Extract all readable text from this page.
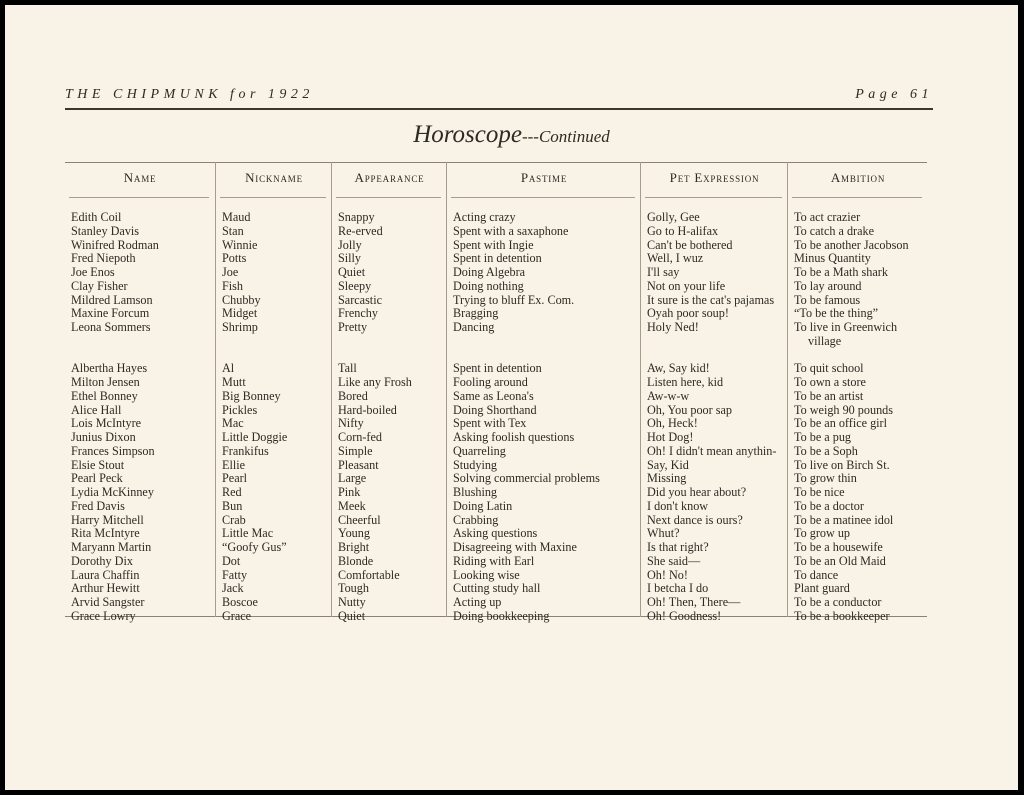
THE CHIPMUNK for 1922	Page 61
Horoscope---Continued
Name
Edith Coil
Stanley Davis
Winifred Rodman
Fred Niepoth
Joe Enos
Clay Fisher
Mildred Lamson
Maxine Forcum
Leona Sommers
Albertha Hayes
Milton Jensen
Ethel Bonney
Alice Hall
Lois McIntyre
Junius Dixon
Frances Simpson
Elsie Stout
Pearl Peck
Lydia McKinney
Fred Davis
Harry Mitchell
Rita McIntyre
Maryann Martin
Dorothy Dix
Laura Chaffin
Arthur Hewitt
Arvid Sangster
Grace Lowry
Nickname
Maud
Stan
Winnie
Potts
Joe
Fish
Chubby
Midget
Shrimp
Al
Mutt
Big Bonney
Pickles
Mac
Little Doggie
Frankifus
Ellie
Pearl
Red
Bun
Crab
Little Mac
“Goofy Gus”
Dot
Fatty
Jack
Boscoe
Grace
Appearance
Snappy
Re-erved
Jolly
Silly
Quiet
Sleepy
Sarcastic
Frenchy
Pretty
Tall
Like any Frosh
Bored
Hard-boiled
Nifty
Corn-fed
Simple
Pleasant
Large
Pink
Meek
Cheerful
Young
Bright
Blonde
Comfortable
Tough
Nutty
Quiet
Pastime
Acting crazy
Spent with a saxaphone
Spent with Ingie
Spent in detention
Doing Algebra
Doing nothing
Trying to bluff Ex. Com.
Bragging
Dancing
Spent in detention
Fooling around
Same as Leona's
Doing Shorthand
Spent with Tex
Asking foolish questions
Quarreling
Studying
Solving commercial problems
Blushing
Doing Latin
Crabbing
Asking questions
Disagreeing with Maxine
Riding with Earl
Looking wise
Cutting study hall
Acting up
Doing bookkeeping
Pet Expression
Golly, Gee
Go to H-alifax
Can't be bothered
Well, I wuz
I'll say
Not on your life
It sure is the cat's pajamas
Oyah poor soup!
Holy Ned!
Aw, Say kid!
Listen here, kid
Aw-w-w
Oh, You poor sap
Oh, Heck!
Hot Dog!
Oh! I didn't mean anythin-
Say, Kid
Missing
Did you hear about?
I don't know
Next dance is ours?
Whut?
Is that right?
She said—
Oh! No!
I betcha I do
Oh! Then, There—
Oh! Goodness!
Ambition
To act crazier
To catch a drake
To be another Jacobson
Minus Quantity
To be a Math shark
To lay around
To be famous
“To be the thing”
To live in Greenwich
village
To quit school
To own a store
To be an artist
To weigh 90 pounds
To be an office girl
To be a pug
To be a Soph
To live on Birch St.
To grow thin
To be nice
To be a doctor
To be a matinee idol
To grow up
To be a housewife
To be an Old Maid
To dance
Plant guard
To be a conductor
To be a bookkeeper
